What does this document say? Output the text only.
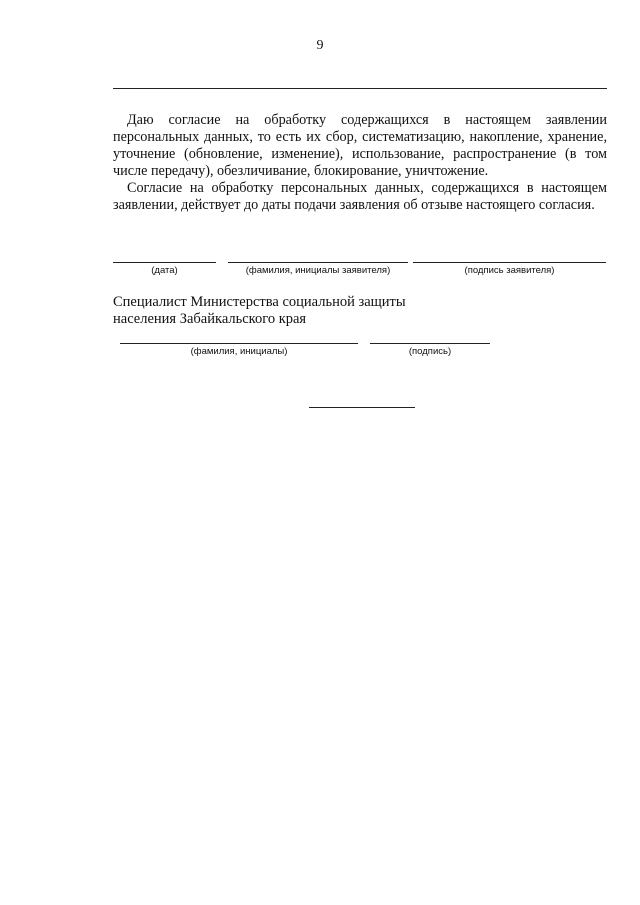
9

Даю согласие на обработку содержащихся в настоящем заявлении персональных данных, то есть их сбор, систематизацию, накопление, хранение, уточнение (обновление, изменение), использование, распространение (в том числе передачу), обезличивание, блокирование, уничтожение.

Согласие на обработку персональных данных, содержащихся в настоящем заявлении, действует до даты подачи заявления об отзыве настоящего согласия.

(дата)	(фамилия, инициалы заявителя)	(подпись заявителя)

Специалист Министерства социальной защиты
населения Забайкальского края

(фамилия, инициалы)	(подпись)
